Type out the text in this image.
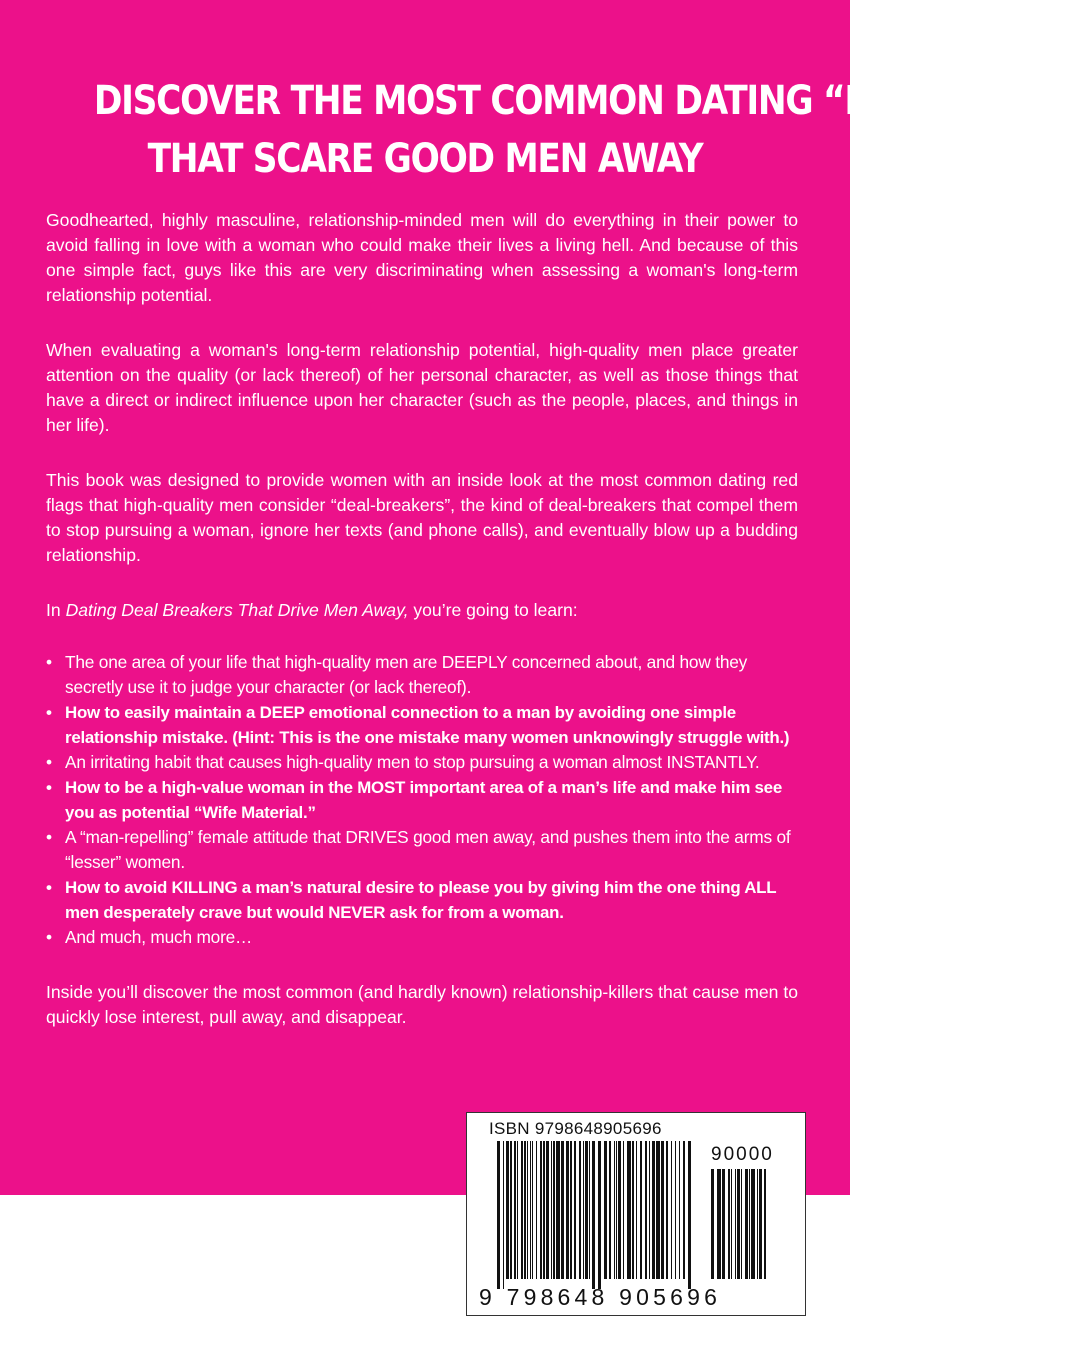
DISCOVER THE MOST COMMON DATING “RED FLAGS”
THAT SCARE GOOD MEN AWAY

Goodhearted, highly masculine, relationship-minded men will do everything in their power to avoid falling in love with a woman who could make their lives a living hell. And because of this one simple fact, guys like this are very discriminating when assessing a woman's long-term relationship potential.

When evaluating a woman's long-term relationship potential, high-quality men place greater attention on the quality (or lack thereof) of her personal character, as well as those things that have a direct or indirect influence upon her character (such as the people, places, and things in her life).

This book was designed to provide women with an inside look at the most common dating red flags that high-quality men consider “deal-breakers”, the kind of deal-breakers that compel them to stop pursuing a woman, ignore her texts (and phone calls), and eventually blow up a budding relationship.

In Dating Deal Breakers That Drive Men Away, you’re going to learn:

• The one area of your life that high-quality men are DEEPLY concerned about, and how they secretly use it to judge your character (or lack thereof).
• How to easily maintain a DEEP emotional connection to a man by avoiding one simple relationship mistake. (Hint: This is the one mistake many women unknowingly struggle with.)
• An irritating habit that causes high-quality men to stop pursuing a woman almost INSTANTLY.
• How to be a high-value woman in the MOST important area of a man’s life and make him see you as potential “Wife Material.”
• A “man-repelling” female attitude that DRIVES good men away, and pushes them into the arms of “lesser” women.
• How to avoid KILLING a man’s natural desire to please you by giving him the one thing ALL men desperately crave but would NEVER ask for from a woman.
• And much, much more…

Inside you’ll discover the most common (and hardly known) relationship-killers that cause men to quickly lose interest, pull away, and disappear.

ISBN 9798648905696
90000
9 798648 905696
